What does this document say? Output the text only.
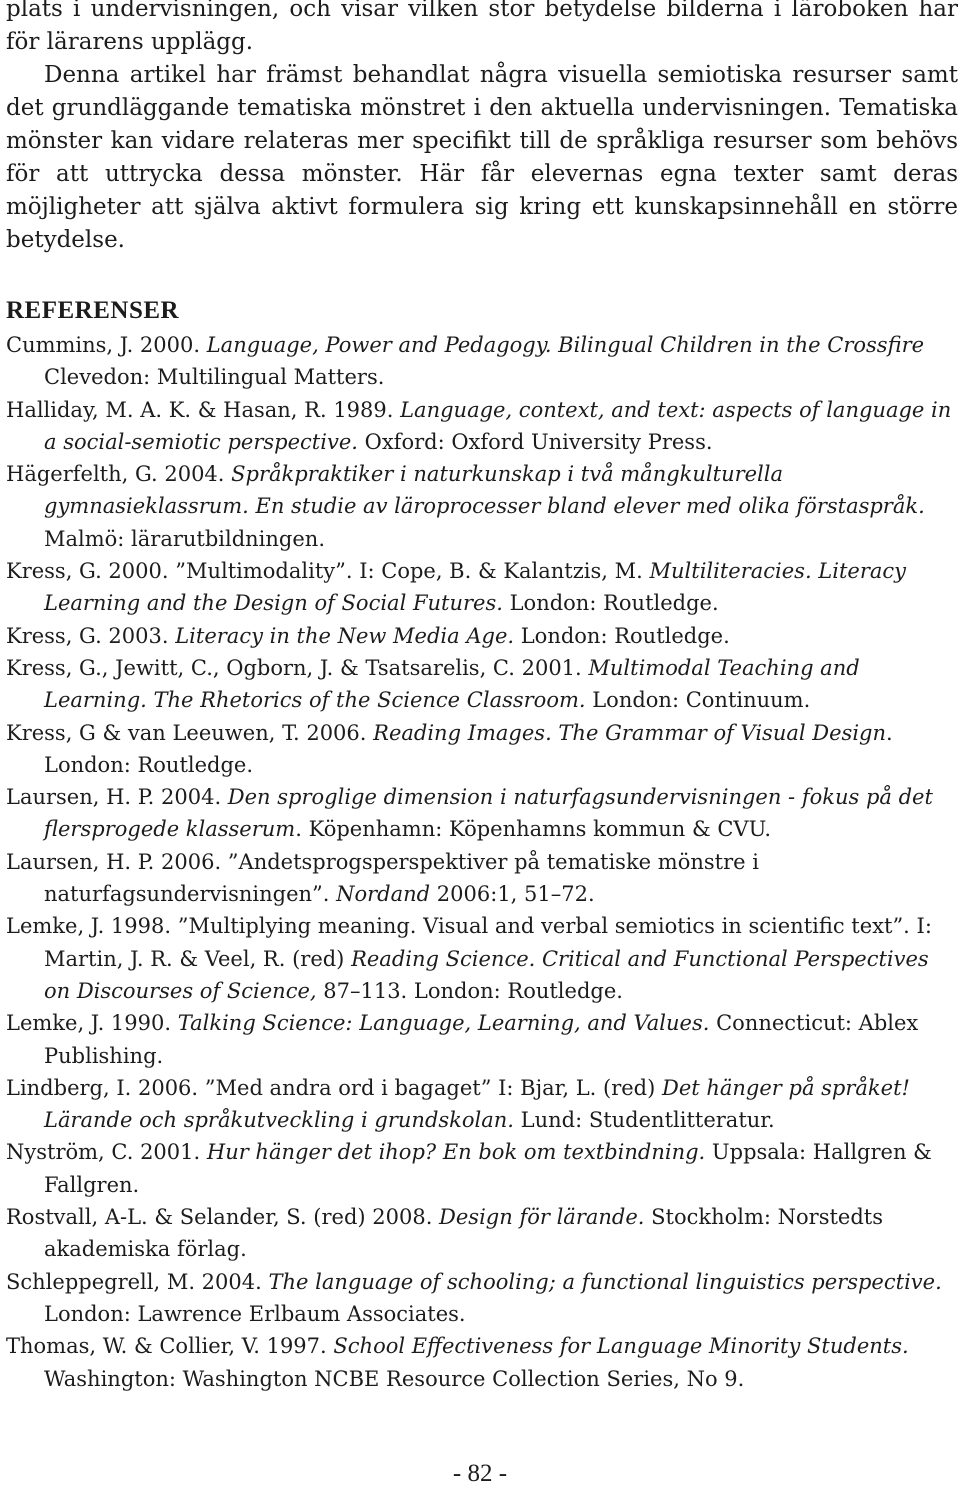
plats i undervisningen, och visar vilken stor betydelse bilderna i läroboken har för lärarens upplägg.

Denna artikel har främst behandlat några visuella semiotiska resurser samt det grundläggande tematiska mönstret i den aktuella undervisningen. Tematiska mönster kan vidare relateras mer specifikt till de språkliga resurser som behövs för att uttrycka dessa mönster. Här får elevernas egna texter samt deras möjligheter att själva aktivt formulera sig kring ett kunskapsinnehåll en större betydelse.

REFERENSER

Cummins, J. 2000. Language, Power and Pedagogy. Bilingual Children in the Crossfire Clevedon: Multilingual Matters.

Halliday, M. A. K. & Hasan, R. 1989. Language, context, and text: aspects of language in a social-semiotic perspective. Oxford: Oxford University Press.

Hägerfelth, G. 2004. Språkpraktiker i naturkunskap i två mångkulturella gymnasieklassrum. En studie av läroprocesser bland elever med olika förstaspråk. Malmö: lärarutbildningen.

Kress, G. 2000. ”Multimodality”. I: Cope, B. & Kalantzis, M. Multiliteracies. Literacy Learning and the Design of Social Futures. London: Routledge.

Kress, G. 2003. Literacy in the New Media Age. London: Routledge.

Kress, G., Jewitt, C., Ogborn, J. & Tsatsarelis, C. 2001. Multimodal Teaching and Learning. The Rhetorics of the Science Classroom. London: Continuum.

Kress, G & van Leeuwen, T. 2006. Reading Images. The Grammar of Visual Design. London: Routledge.

Laursen, H. P. 2004. Den sproglige dimension i naturfagsundervisningen - fokus på det flersprogede klasserum. Köpenhamn: Köpenhamns kommun & CVU.

Laursen, H. P. 2006. ”Andetsprogsperspektiver på tematiske mönstre i naturfagsundervisningen”. Nordand 2006:1, 51–72.

Lemke, J. 1998. ”Multiplying meaning. Visual and verbal semiotics in scientific text”. I: Martin, J. R. & Veel, R. (red) Reading Science. Critical and Functional Perspectives on Discourses of Science, 87–113. London: Routledge.

Lemke, J. 1990. Talking Science: Language, Learning, and Values. Connecticut: Ablex Publishing.

Lindberg, I. 2006. ”Med andra ord i bagaget” I: Bjar, L. (red) Det hänger på språket! Lärande och språkutveckling i grundskolan. Lund: Studentlitteratur.

Nyström, C. 2001. Hur hänger det ihop? En bok om textbindning. Uppsala: Hallgren & Fallgren.

Rostvall, A-L. & Selander, S. (red) 2008. Design för lärande. Stockholm: Norstedts akademiska förlag.

Schleppegrell, M. 2004. The language of schooling; a functional linguistics perspective. London: Lawrence Erlbaum Associates.

Thomas, W. & Collier, V. 1997. School Effectiveness for Language Minority Students. Washington: Washington NCBE Resource Collection Series, No 9.

- 82 -
